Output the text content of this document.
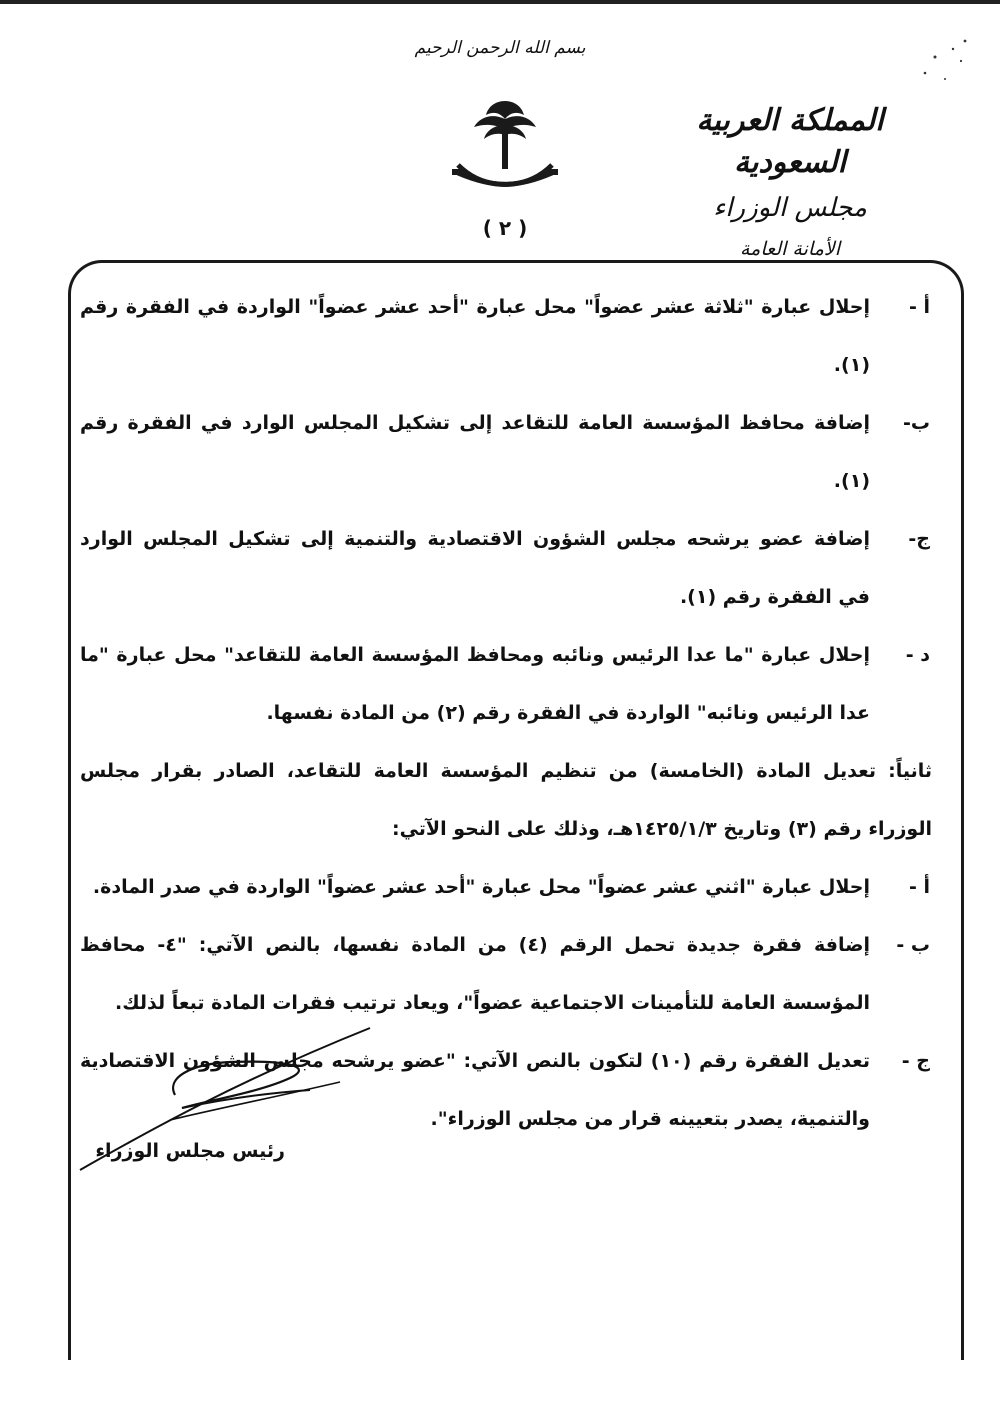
بسم الله الرحمن الرحيم
( ٢ )
المملكة العربية السعودية
مجلس الوزراء
الأمانة العامة
أ -
إحلال عبارة "ثلاثة عشر عضواً" محل عبارة "أحد عشر عضواً" الواردة في الفقرة رقم (١).
ب-
إضافة محافظ المؤسسة العامة للتقاعد إلى تشكيل المجلس الوارد في الفقرة رقم (١).
ج-
إضافة عضو يرشحه مجلس الشؤون الاقتصادية والتنمية إلى تشكيل المجلس الوارد في الفقرة رقم (١).
د -
إحلال عبارة "ما عدا الرئيس ونائبه ومحافظ المؤسسة العامة للتقاعد" محل عبارة "ما عدا الرئيس ونائبه" الواردة في الفقرة رقم (٢) من المادة نفسها.
ثانياً: تعديل المادة (الخامسة) من تنظيم المؤسسة العامة للتقاعد، الصادر بقرار مجلس الوزراء رقم (٣) وتاريخ ١٤٢٥/١/٣هـ، وذلك على النحو الآتي:
أ -
إحلال عبارة "اثني عشر عضواً" محل عبارة "أحد عشر عضواً" الواردة في صدر المادة.
ب -
إضافة فقرة جديدة تحمل الرقم (٤) من المادة نفسها، بالنص الآتي: "٤- محافظ المؤسسة العامة للتأمينات الاجتماعية عضواً"، ويعاد ترتيب فقرات المادة تبعاً لذلك.
ج -
تعديل الفقرة رقم (١٠) لتكون بالنص الآتي: "عضو يرشحه مجلس الشؤون الاقتصادية والتنمية، يصدر بتعيينه قرار من مجلس الوزراء".
رئيس مجلس الوزراء
